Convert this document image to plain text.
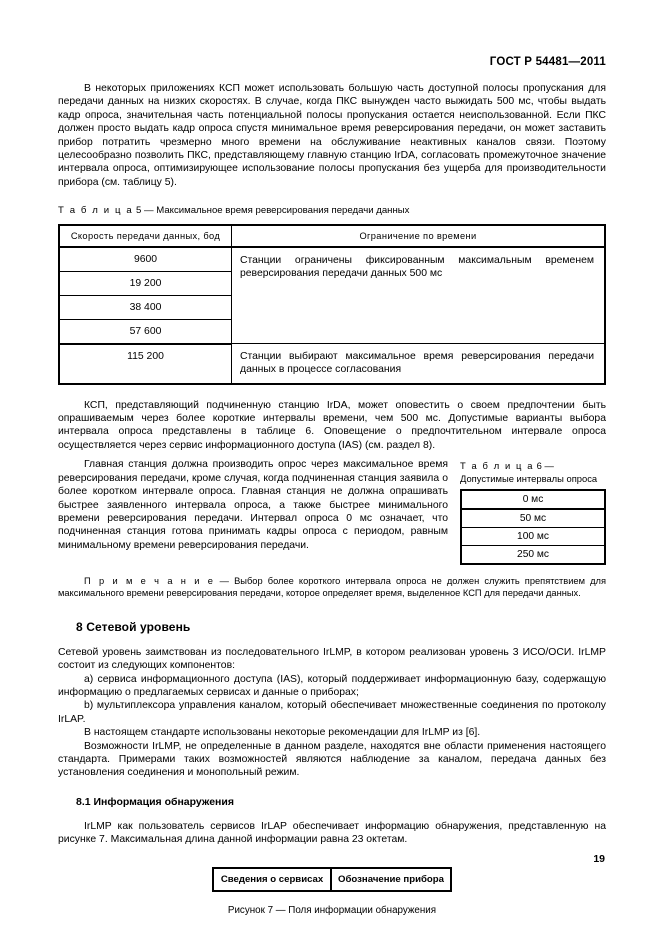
ГОСТ Р 54481—2011

В некоторых приложениях КСП может использовать большую часть доступной полосы пропускания для передачи данных на низких скоростях. В случае, когда ПКС вынужден часто выжидать 500 мс, чтобы выдать кадр опроса, значительная часть потенциальной полосы пропускания остается неиспользованной. Если ПКС должен просто выдать кадр опроса спустя минимальное время реверсирования передачи, он может заставить прибор потратить чрезмерно много времени на обслуживание неактивных каналов связи. Поэтому целесообразно позволить ПКС, представляющему главную станцию IrDA, согласовать промежуточное значение интервала опроса, оптимизирующее использование полосы пропускания без ущерба для производительности прибора (см. таблицу 5).

Т а б л и ц а 5 — Максимальное время реверсирования передачи данных

Скорость передачи данных, бод	Ограничение по времени
9600	Станции ограничены фиксированным максимальным временем реверсирования передачи данных 500 мс
19 200	
38 400	
57 600	
115 200	Станции выбирают максимальное время реверсирования передачи данных в процессе согласования

КСП, представляющий подчиненную станцию IrDA, может оповестить о своем предпочтении быть опрашиваемым через более короткие интервалы времени, чем 500 мс. Допустимые варианты выбора интервала опроса представлены в таблице 6. Оповещение о предпочтительном интервале опроса осуществляется через сервис информационного доступа (IAS) (см. раздел 8).

Т а б л и ц а 6 — Допустимые интервалы опроса

0 мс
50 мс
100 мс
250 мс

Главная станция должна производить опрос через максимальное время реверсирования передачи, кроме случая, когда подчиненная станция заявила о более коротком интервале опроса. Главная станция не должна опрашивать быстрее заявленного интервала опроса, а также быстрее минимального времени реверсирования передачи. Интервал опроса 0 мс означает, что подчиненная станция готова принимать кадры опроса с периодом, равным минимальному времени реверсирования передачи.

П р и м е ч а н и е — Выбор более короткого интервала опроса не должен служить препятствием для максимального времени реверсирования передачи, которое определяет время, выделенное КСП для передачи данных.

8 Сетевой уровень

Сетевой уровень заимствован из последовательного IrLMP, в котором реализован уровень 3 ИСО/ОСИ. IrLMP состоит из следующих компонентов:

a) сервиса информационного доступа (IAS), который поддерживает информационную базу, содержащую информацию о предлагаемых сервисах и данные о приборах;

b) мультиплексора управления каналом, который обеспечивает множественные соединения по протоколу IrLAP.

В настоящем стандарте использованы некоторые рекомендации для IrLMP из [6].

Возможности IrLMP, не определенные в данном разделе, находятся вне области применения настоящего стандарта. Примерами таких возможностей являются наблюдение за каналом, передача данных без установления соединения и монопольный режим.

8.1 Информация обнаружения

IrLMP как пользователь сервисов IrLAP обеспечивает информацию обнаружения, представленную на рисунке 7. Максимальная длина данной информации равна 23 октетам.

Сведения о сервисах	Обозначение прибора
Рисунок 7 — Поля информации обнаружения
19
